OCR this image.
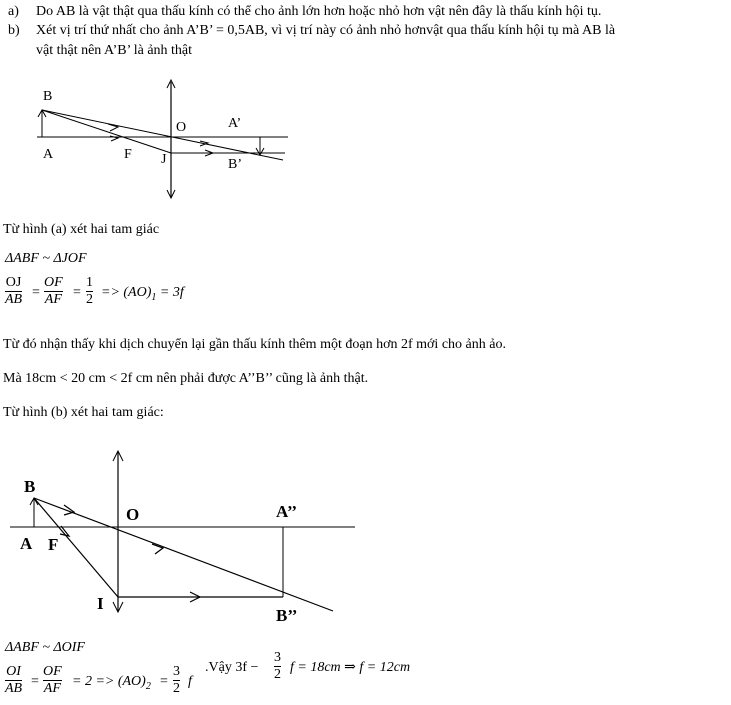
a) Do AB là vật thật qua thấu kính có thể cho ảnh lớn hơn hoặc nhỏ hơn vật nên đây là thấu kính hội tụ.
b) Xét vị trí thứ nhất cho ảnh A’B’ = 0,5AB, vì vị trí này có ảnh nhỏ hơnvật qua thấu kính hội tụ mà AB là
vật thật nên A’B’ là ảnh thật
B
O	A’
A	F J	B’
B
O	A’’
A F
I
B’’
Từ hình (a) xét hai tam giác
ΔABF ~ ΔJOF
$\frac{OJ}{AB} = \frac{OF}{AF} = \frac{1}{2} => (AO)_1 = 3f$
Từ đó nhận thấy khi dịch chuyển lại gần thấu kính thêm một đoạn hơn 2f mới cho ảnh ảo.
Mà 18cm < 20 cm < 2f cm nên phải được A’’B’’ cũng là ảnh thật.
Từ hình (b) xét hai tam giác:
ΔABF ~ ΔOIF
$\frac{OI}{AB} = \frac{OF}{AF} = 2 => (AO)_2 = \frac{3}{2}$ f
.Vậy $3f - \frac{3}{2}$ f = 18cm ⇒ f = 12cm
